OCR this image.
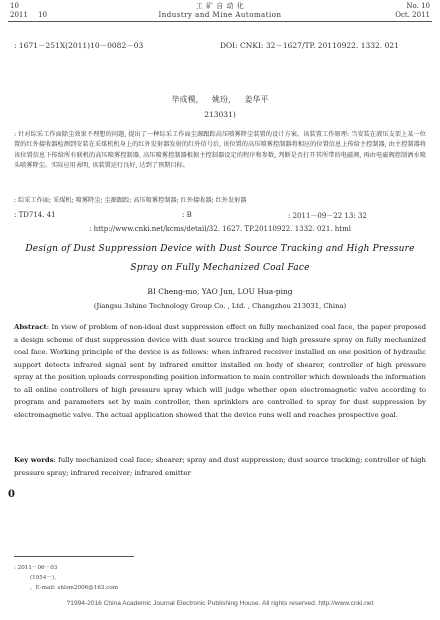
10
2011 10
工 矿 自 动 化
Industry and Mine Automation
No. 10
Oct. 2011
: 1671－251X(2011)10－0082－03	DOI: CNKI: 32－1627/TP. 20110922. 1332. 021
毕成模， 姚玢， 姜华平
213031)
: 针对综采工作面除尘效果不理想的问题, 提出了一种综采工作面尘源跟踪高压喷雾降尘装置的设计方案。该装置工作原理: 当安装在液压支架上某一位置的红外接收器检测到安装在采煤机机身上的红外发射器发射的红外信号后, 该位置的高压喷雾控制器将相应的位置信息上传给主控制器, 由主控制器将该位置信息下传给所有联机的高压喷雾控制器, 高压喷雾控制器根据主控制器设定的程序和参数, 判断是否打开其所带的电磁阀, 再由电磁阀控制洒水喷头喷雾降尘。实际应用表明, 该装置运行良好, 达到了预期目标。
: 综采工作面; 采煤机; 喷雾降尘; 尘源跟踪; 高压喷雾控制器; 红外接收器; 红外发射器
: TD714. 41	: B	: 2011－09－22 13: 32
: http://www.cnki.net/kcms/detail/32. 1627. TP.20110922. 1332. 021. html
Design of Dust Suppression Device with Dust Source Tracking and High Pressure Spray on Fully Mechanized Coal Face
BI Cheng-mo, YAO Jun, LOU Hua-ping
(Jiangsu 3shine Technology Group Co. , Ltd. , Changzhou 213031, China)
Abstract: In view of problem of non-ideal dust suppression effect on fully mechanized coal face, the paper proposed a design scheme of dust suppression device with dust source tracking and high pressure spray on fully mechanized coal face. Working principle of the device is as follows: when infrared receiver installed on one position of hydraulic support detects infrared signal sent by infrared emitter installed on body of shearer, controller of high pressure spray at the position uploads corresponding position information to main controller which downloads the information to all online controllers of high pressure spray which will judge whether open electromagnetic valve according to program and parameters set by main controller, then sprinklers are controlled to spray for dust suppression by electromagnetic valve. The actual application showed that the device runs well and reaches prospective goal.
Key words: fully mechanized coal face; shearer; spray and dust suppression; dust source tracking; controller of high pressure spray; infrared receiver; infrared emitter
0
: 2011－06－03
(1954－),
。E-mail: shlsm2006@163.com
?1994-2016 China Academic Journal Electronic Publishing House. All rights reserved. http://www.cnki.net
